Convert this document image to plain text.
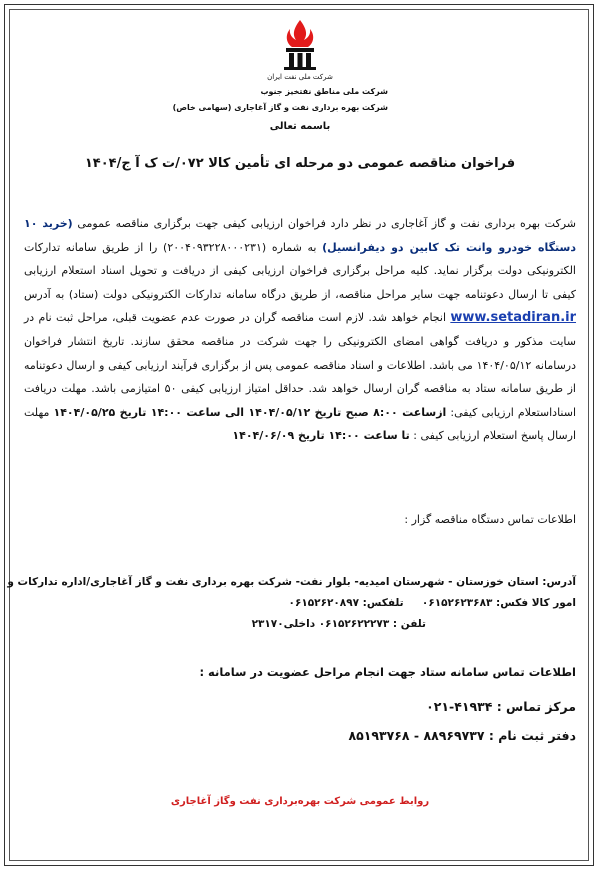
شرکت ملی نفت ایران
شرکت ملی مناطق نفتخیز جنوب
شرکت بهره برداری نفت و گاز آغاجاری (سهامی خاص)
باسمه تعالی
فراخوان مناقصه عمومی دو مرحله ای تأمین کالا ۰۷۲/ت ک آ ج/۱۴۰۴
شرکت بهره برداری نفت و گاز آغاجاری در نظر دارد فراخوان ارزیابی کیفی جهت برگزاری مناقصه عمومی (خرید ۱۰ دستگاه خودرو وانت تک کابین دو دیفرانسیل) به شماره (۲۰۰۴۰۹۳۲۲۸۰۰۰۲۳۱) را از طریق سامانه تدارکات الکترونیکی دولت برگزار نماید. کلیه مراحل برگزاری فراخوان ارزیابی کیفی از دریافت و تحویل اسناد استعلام ارزیابی کیفی تا ارسال دعوتنامه جهت سایر مراحل مناقصه، از طریق درگاه سامانه تدارکات الکترونیکی دولت (ستاد) به آدرس www.setadiran.ir انجام خواهد شد. لازم است مناقصه گران در صورت عدم عضویت قبلی، مراحل ثبت نام در سایت مذکور و دریافت گواهی امضای الکترونیکی را جهت شرکت در مناقصه محقق سازند. تاریخ انتشار فراخوان درسامانه ۱۴۰۴/۰۵/۱۲ می باشد. اطلاعات و اسناد مناقصه عمومی پس از برگزاری فرآیند ارزیابی کیفی و ارسال دعوتنامه از طریق سامانه ستاد به مناقصه گران ارسال خواهد شد. حداقل امتیاز ارزیابی کیفی ۵۰ امتیازمی باشد. مهلت دریافت اسناداستعلام ارزیابی کیفی: ازساعت ۸:۰۰ صبح تاریخ ۱۴۰۴/۰۵/۱۲ الی ساعت ۱۴:۰۰ تاریخ ۱۴۰۴/۰۵/۲۵ مهلت ارسال پاسخ استعلام ارزیابی کیفی : تا ساعت ۱۴:۰۰ تاریخ ۱۴۰۴/۰۶/۰۹
اطلاعات تماس دستگاه مناقصه گزار :
آدرس: استان خوزستان - شهرستان امیدیه- بلوار نفت- شرکت بهره برداری نفت و گاز آغاجاری/اداره تدارکات و
امور کالا فکس: ۰۶۱۵۲۶۲۳۶۸۳     تلفکس: ۰۶۱۵۲۶۲۰۸۹۷
تلفن : ۰۶۱۵۲۶۲۲۲۷۳ داخلی۲۳۱۷۰
اطلاعات تماس سامانه ستاد جهت انجام مراحل عضویت در سامانه :
مرکز تماس : ۴۱۹۳۴-۰۲۱
دفتر ثبت نام : ۸۸۹۶۹۷۳۷ - ۸۵۱۹۳۷۶۸
روابط عمومی شرکت بهره‌برداری نفت وگاز آغاجاری
